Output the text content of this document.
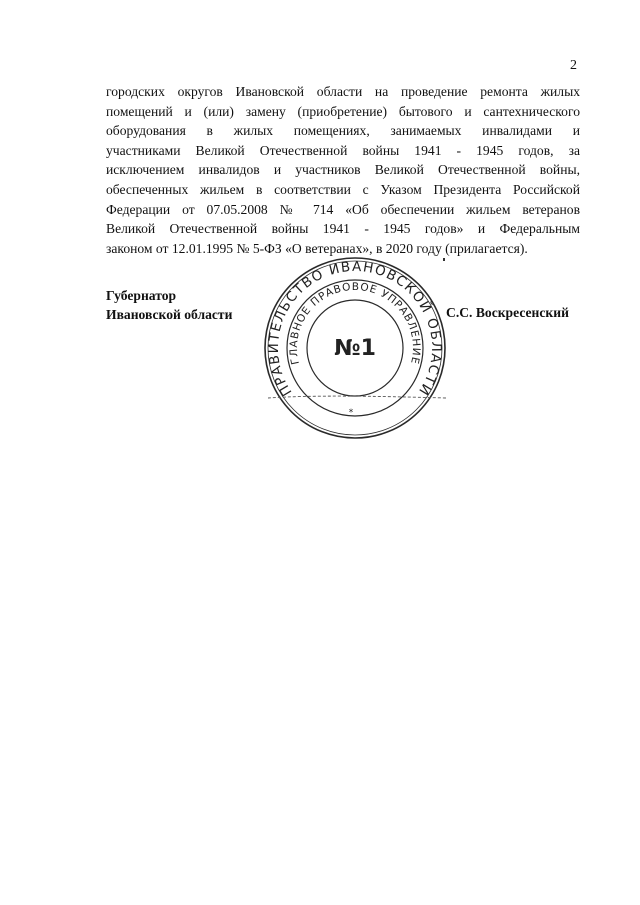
2

городских округов Ивановской области на проведение ремонта жилых
помещений и (или) замену (приобретение) бытового и сантехнического
оборудования в жилых помещениях, занимаемых инвалидами и
участниками Великой Отечественной войны 1941 - 1945 годов, за
исключением инвалидов и участников Великой Отечественной войны,
обеспеченных жильем в соответствии с Указом Президента Российской
Федерации от 07.05.2008 № 714 «Об обеспечении жильем ветеранов
Великой Отечественной войны 1941 - 1945 годов» и Федеральным
законом от 12.01.1995 № 5-ФЗ «О ветеранах», в 2020 году (прилагается).

Губернатор
Ивановской области	С.С. Воскресенский
ПРАВИТЕЛЬСТВО ИВАНОВСКОЙ ОБЛАСТИ
ГЛАВНОЕ ПРАВОВОЕ УПРАВЛЕНИЕ
№1
*
